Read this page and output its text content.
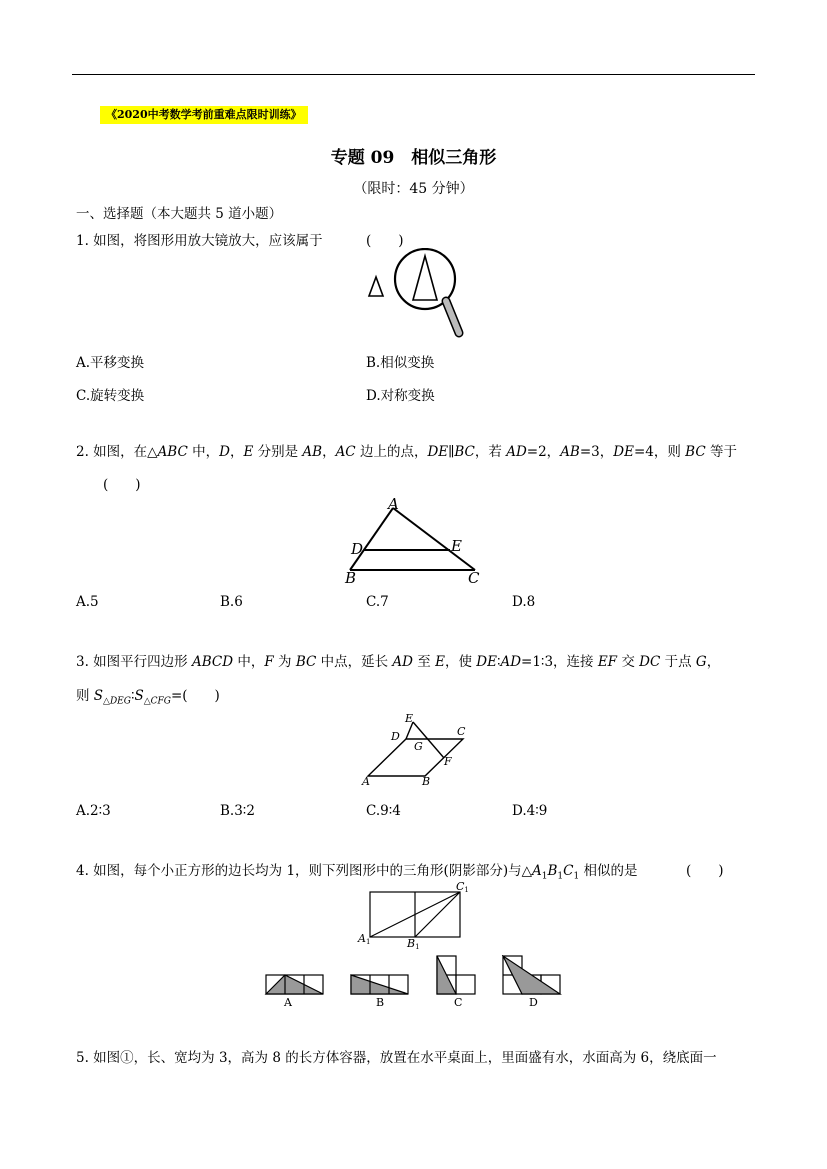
《2020中考数学考前重难点限时训练》
专题 09　相似三角形
（限时：45 分钟）
一、选择题（本大题共 5 道小题）
1. 如图，将图形用放大镜放大，应该属于	(　　)
A.平移变换	B.相似变换
C.旋转变换	D.对称变换
2. 如图，在△ABC 中，D，E 分别是 AB，AC 边上的点，DE∥BC，若 AD=2，AB=3，DE=4，则 BC 等于
(　　)
A
D	E
B	C
A.5	B.6	C.7	D.8
3. 如图平行四边形 ABCD 中，F 为 BC 中点，延长 AD 至 E，使 DE∶AD=1∶3，连接 EF 交 DC 于点 G，
则 $S_{\triangle DEG}∶S_{\triangle CFG}=$(　　)
E
D
G
C
F
A	B
A.2∶3	B.3∶2	C.9∶4	D.4∶9
4. 如图，每个小正方形的边长均为 1，则下列图形中的三角形(阴影部分)与$\triangle A_1B_1C_1$ 相似的是	(　　)
C1
A1	B1
A	B	C	D
5. 如图①，长、宽均为 3，高为 8 的长方体容器，放置在水平桌面上，里面盛有水，水面高为 6，绕底面一
